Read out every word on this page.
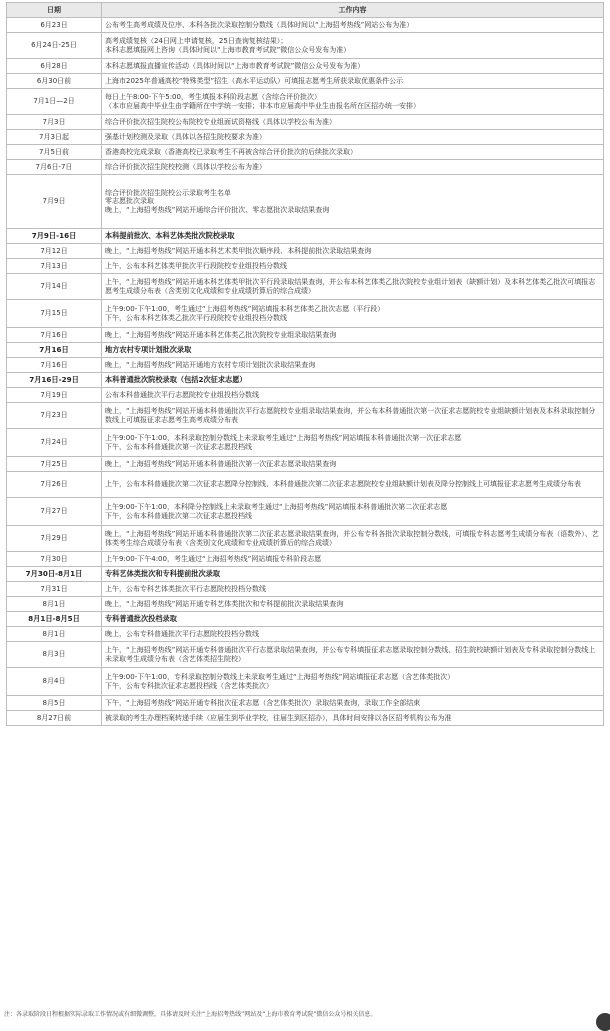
日期	工作内容
6月23日	公布考生高考成绩及位序、本科各批次录取控制分数线（具体时间以“上海招考热线”网站公布为准）

6月24日-25日	高考成绩复核（24日网上申请复核，25日查询复核结果）；
本科志愿填报网上咨询（具体时间以“上海市教育考试院”微信公众号发布为准）

6月28日	本科志愿填报直播宣传活动（具体时间以“上海市教育考试院”微信公众号发布为准）

6月30日前	上海市2025年普通高校“特殊类型”招生（高水平运动队）可填报志愿考生所获录取优惠条件公示

7月1日—2日	每日上午8:00-下午5:00，考生填报本科阶段志愿（含综合评价批次）
（本市应届高中毕业生由学籍所在中学统一安排；非本市应届高中毕业生由报名所在区招办统一安排）

7月3日	综合评价批次招生院校公布院校专业组面试资格线（具体以学校公布为准）

7月3日起	强基计划校测及录取（具体以各招生院校要求为准）

7月5日前	香港高校完成录取（香港高校已录取考生不再被含综合评价批次的后续批次录取）

7月6日-7日	综合评价批次招生院校校测（具体以学校公布为准）

7月9日	综合评价批次招生院校公示录取考生名单
零志愿批次录取
晚上，“上海招考热线”网站开通综合评价批次、零志愿批次录取结果查询

7月9日-16日	本科提前批次、本科艺体类批次院校录取

7月12日	晚上，“上海招考热线”网站开通本科艺术类甲批次顺序段、本科提前批次录取结果查询

7月13日	上午，公布本科艺体类甲批次平行段院校专业组投档分数线

7月14日	上午，“上海招考热线”网站开通本科艺体类甲批次平行段录取结果查询，并公布本科艺体类乙批次院校专业组计划表（缺额计划）及本科艺体类乙批次可填报志愿考生成绩分布表（含类别文化成绩和专业成绩折算后的综合成绩）

7月15日	上午9:00-下午1:00，考生通过“上海招考热线”网站填报本科艺体类乙批次志愿（平行段）
下午，公布本科艺体类乙批次平行段院校专业组投档分数线

7月16日	晚上，“上海招考热线”网站开通本科艺体类乙批次院校专业组录取结果查询

7月16日	地方农村专项计划批次录取

7月16日	晚上，“上海招考热线”网站开通地方农村专项计划批次录取结果查询

7月16日-29日	本科普通批次院校录取（包括2次征求志愿）

7月19日	公布本科普通批次平行志愿院校专业组投档分数线

7月23日	晚上，“上海招考热线”网站开通本科普通批次平行志愿院校专业组录取结果查询，并公布本科普通批次第一次征求志愿院校专业组缺额计划表及本科录取控制分数线上可填报征求志愿考生高考成绩分布表

7月24日	上午9:00-下午1:00，本科录取控制分数线上未录取考生通过“上海招考热线”网站填报本科普通批次第一次征求志愿
下午，公布本科普通批次第一次征求志愿投档线

7月25日	晚上，“上海招考热线”网站开通本科普通批次第一次征求志愿录取结果查询

7月26日	上午，公布本科普通批次第二次征求志愿降分控制线、本科普通批次第二次征求志愿院校专业组缺额计划表及降分控制线上可填报征求志愿考生成绩分布表

7月27日	上午9:00-下午1:00，本科降分控制线上未录取考生通过“上海招考热线”网站填报本科普通批次第二次征求志愿
下午，公布本科普通批次第二次征求志愿投档线

7月29日	晚上，“上海招考热线”网站开通本科普通批次第二次征求志愿录取结果查询，并公布专科各批次录取控制分数线，可填报专科志愿考生成绩分布表（语数外）、艺体类考生综合成绩分布表（含类别文化成绩和专业成绩折算后的综合成绩）

7月30日	上午9:00-下午4:00，考生通过“上海招考热线”网站填报专科阶段志愿

7月30日-8月1日	专科艺体类批次和专科提前批次录取

7月31日	上午，公布专科艺体类批次平行志愿院校投档分数线

8月1日	晚上，“上海招考热线”网站开通专科艺体类批次和专科提前批次录取结果查询

8月1日-8月5日	专科普通批次投档录取

8月1日	晚上，公布专科普通批次平行志愿院校投档分数线

8月3日	上午，“上海招考热线”网站开通专科普通批次平行志愿录取结果查询，并公布专科填报征求志愿录取控制分数线、招生院校缺额计划表及专科录取控制分数线上未录取考生成绩分布表（含艺体类招生院校）

8月4日	上午9:00-下午1:00，专科录取控制分数线上未录取考生通过“上海招考热线”网站填报征求志愿（含艺体类批次）
下午，公布专科批次征求志愿投档线（含艺体类批次）

8月5日	下午，“上海招考热线”网站开通专科批次征求志愿（含艺体类批次）录取结果查询，录取工作全部结束

8月27日前	被录取的考生办理档案转递手续（应届生到毕业学校，往届生到区招办），具体时间安排以各区招考机构公布为准
注：各录取阶段日程根据实际录取工作情况或有细微调整，具体请及时关注“上海招考热线”网站及“上海市教育考试院”微信公众号相关信息。
